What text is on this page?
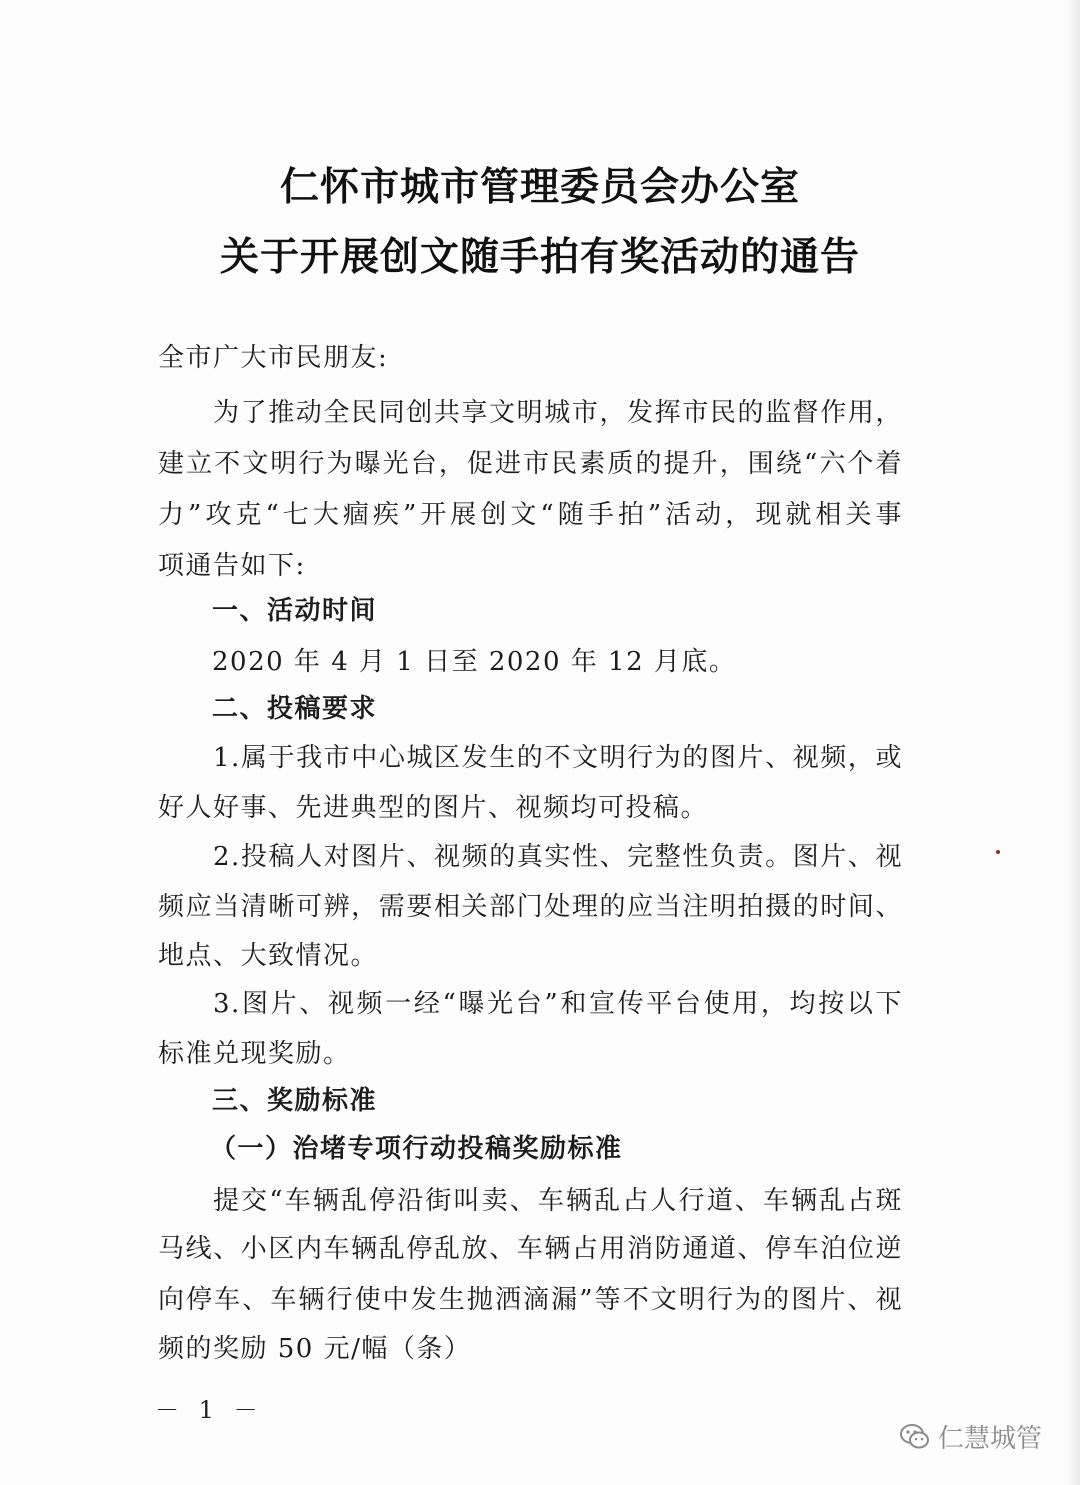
仁怀市城市管理委员会办公室
关于开展创文随手拍有奖活动的通告
全市广大市民朋友:
为了推动全民同创共享文明城市，发挥市民的监督作用，
建立不文明行为曝光台，促进市民素质的提升，围绕“六个着
力”攻克“七大痼疾”开展创文“随手拍”活动，现就相关事
项通告如下:
一、活动时间
2020 年 4 月 1 日至 2020 年 12 月底。
二、投稿要求
1.属于我市中心城区发生的不文明行为的图片、视频，或
好人好事、先进典型的图片、视频均可投稿。
2.投稿人对图片、视频的真实性、完整性负责。图片、视
频应当清晰可辨，需要相关部门处理的应当注明拍摄的时间、
地点、大致情况。
3.图片、视频一经“曝光台”和宣传平台使用，均按以下
标准兑现奖励。
三、奖励标准
（一）治堵专项行动投稿奖励标准
提交“车辆乱停沿街叫卖、车辆乱占人行道、车辆乱占斑
马线、小区内车辆乱停乱放、车辆占用消防通道、停车泊位逆
向停车、车辆行使中发生抛洒滴漏”等不文明行为的图片、视
频的奖励 50 元/幅（条）
－ 1 －
仁慧城管
